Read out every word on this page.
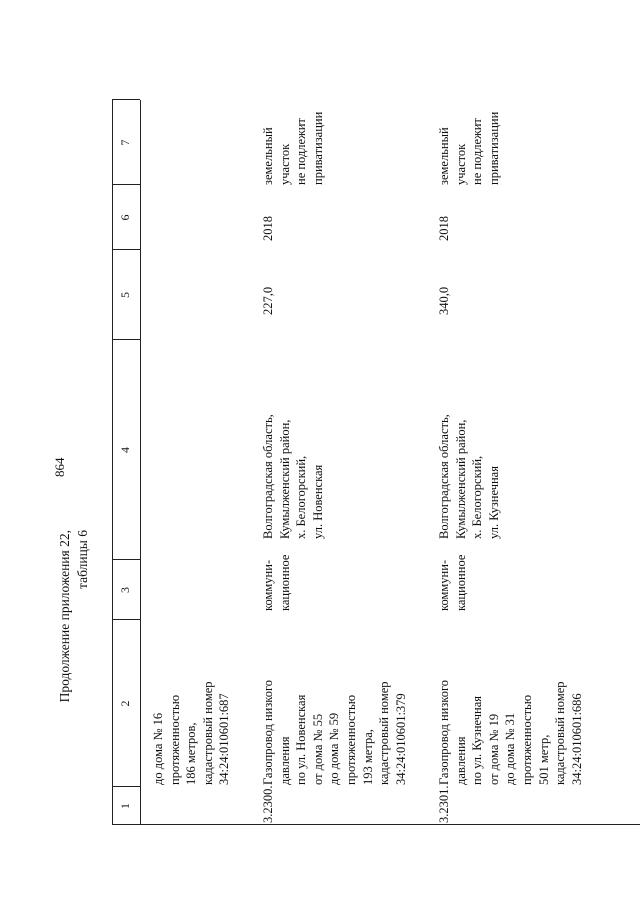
864
Продолжение приложения 22, таблицы 6
1
2
3
4
5
6
7
до дома № 16
протяженностью
186 метров,
кадастровый номер
34:24:010601:687
3.2300.
Газопровод низкого
давления
по ул. Новенская
от дома № 55
до дома № 59
протяженностью
193 метра,
кадастровый номер
34:24:010601:379
коммуни-
кационное
Волгоградская область,
Кумылженский район,
х. Белогорский,
ул. Новенская
227,0
2018
земельный
участок
не подлежит
приватизации
3.2301.
Газопровод низкого
давления
по ул. Кузнечная
от дома № 19
до дома № 31
протяженностью
501 метр,
кадастровый номер
34:24:010601:686
коммуни-
кационное
Волгоградская область,
Кумылженский район,
х. Белогорский,
ул. Кузнечная
340,0
2018
земельный
участок
не подлежит
приватизации
